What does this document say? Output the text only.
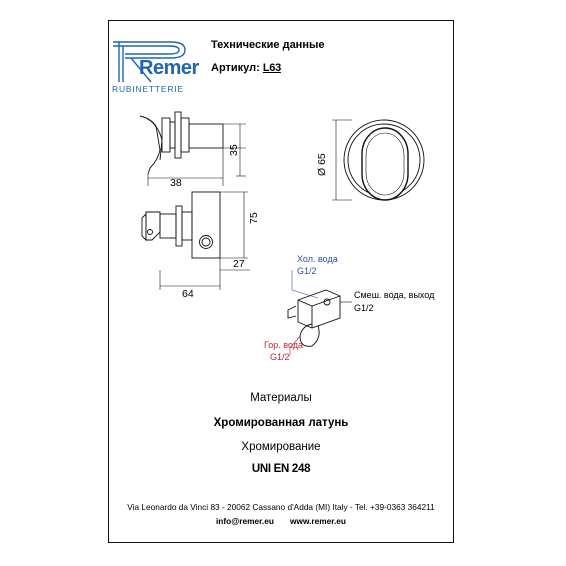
Remer
RUBINETTERIE
Технические данные
Артикул: L63
38
35
Ø 65
75
27
64
Хол. вода
G1/2
Смеш. вода, выход
G1/2
Гор. вода
G1/2
Материалы
Хромированная латунь
Хромирование
UNI EN 248
Via Leonardo da Vinci 83 - 20062 Cassano d'Adda (MI) Italy - Tel. +39-0363 364211
info@remer.eu www.remer.eu
